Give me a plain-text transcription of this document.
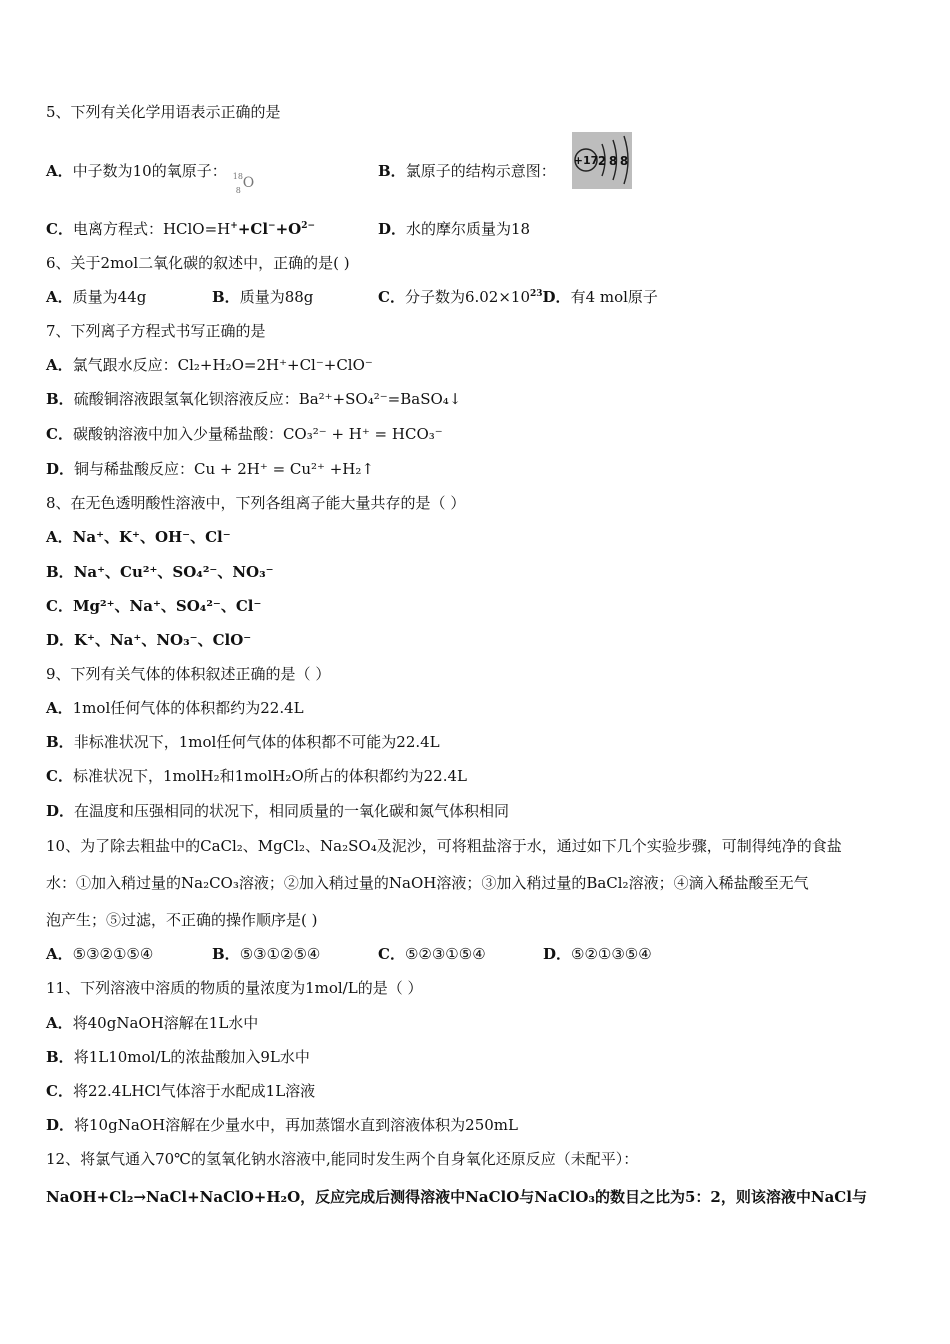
5、下列有关化学用语表示正确的是
A．中子数为10的氧原子： 18
8 O
B．氯原子的结构示意图：
+17 2 8 8
C．电离方程式：$HClO=H^++Cl^-+O^{2-}$	D．水的摩尔质量为18
6、关于2mol二氧化碳的叙述中，正确的是( )
A．质量为44g	B．质量为88g	C．分子数为$6.02\times 10^{23}D$．有4 mol原子
7、下列离子方程式书写正确的是
A．氯气跟水反应：Cl₂+H₂O=2H⁺+Cl⁻+ClO⁻
B．硫酸铜溶液跟氢氧化钡溶液反应：Ba²⁺+SO₄²⁻=BaSO₄↓
C．碳酸钠溶液中加入少量稀盐酸：CO₃²⁻ + H⁺ = HCO₃⁻
D．铜与稀盐酸反应：Cu + 2H⁺ = Cu²⁺ +H₂↑
8、在无色透明酸性溶液中，下列各组离子能大量共存的是（ ）
A．Na⁺、K⁺、OH⁻、Cl⁻
B．Na⁺、Cu²⁺、SO₄²⁻、NO₃⁻
C．Mg²⁺、Na⁺、SO₄²⁻、Cl⁻
D．K⁺、Na⁺、NO₃⁻、ClO⁻
9、下列有关气体的体积叙述正确的是（ ）
A．1mol任何气体的体积都约为22.4L
B．非标准状况下，1mol任何气体的体积都不可能为22.4L
C．标准状况下，1molH₂和1molH₂O所占的体积都约为22.4L
D．在温度和压强相同的状况下，相同质量的一氧化碳和氮气体积相同
10、为了除去粗盐中的CaCl₂、MgCl₂、Na₂SO₄及泥沙，可将粗盐溶于水，通过如下几个实验步骤，可制得纯净的食盐
水：①加入稍过量的Na₂CO₃溶液；②加入稍过量的NaOH溶液；③加入稍过量的BaCl₂溶液；④滴入稀盐酸至无气
泡产生；⑤过滤，不正确的操作顺序是( )
A．⑤③②①⑤④	B．⑤③①②⑤④	C．⑤②③①⑤④	D．⑤②①③⑤④
11、下列溶液中溶质的物质的量浓度为1mol/L的是（ ）
A．将40gNaOH溶解在1L水中
B．将1L10mol/L的浓盐酸加入9L水中
C．将22.4LHCl气体溶于水配成1L溶液
D．将10gNaOH溶解在少量水中，再加蒸馏水直到溶液体积为250mL
12、将氯气通入70℃的氢氧化钠水溶液中,能同时发生两个自身氧化还原反应（未配平）：
NaOH+Cl₂→NaCl+NaClO+H₂O，反应完成后测得溶液中NaClO与NaClO₃的数目之比为5：2，则该溶液中NaCl与
